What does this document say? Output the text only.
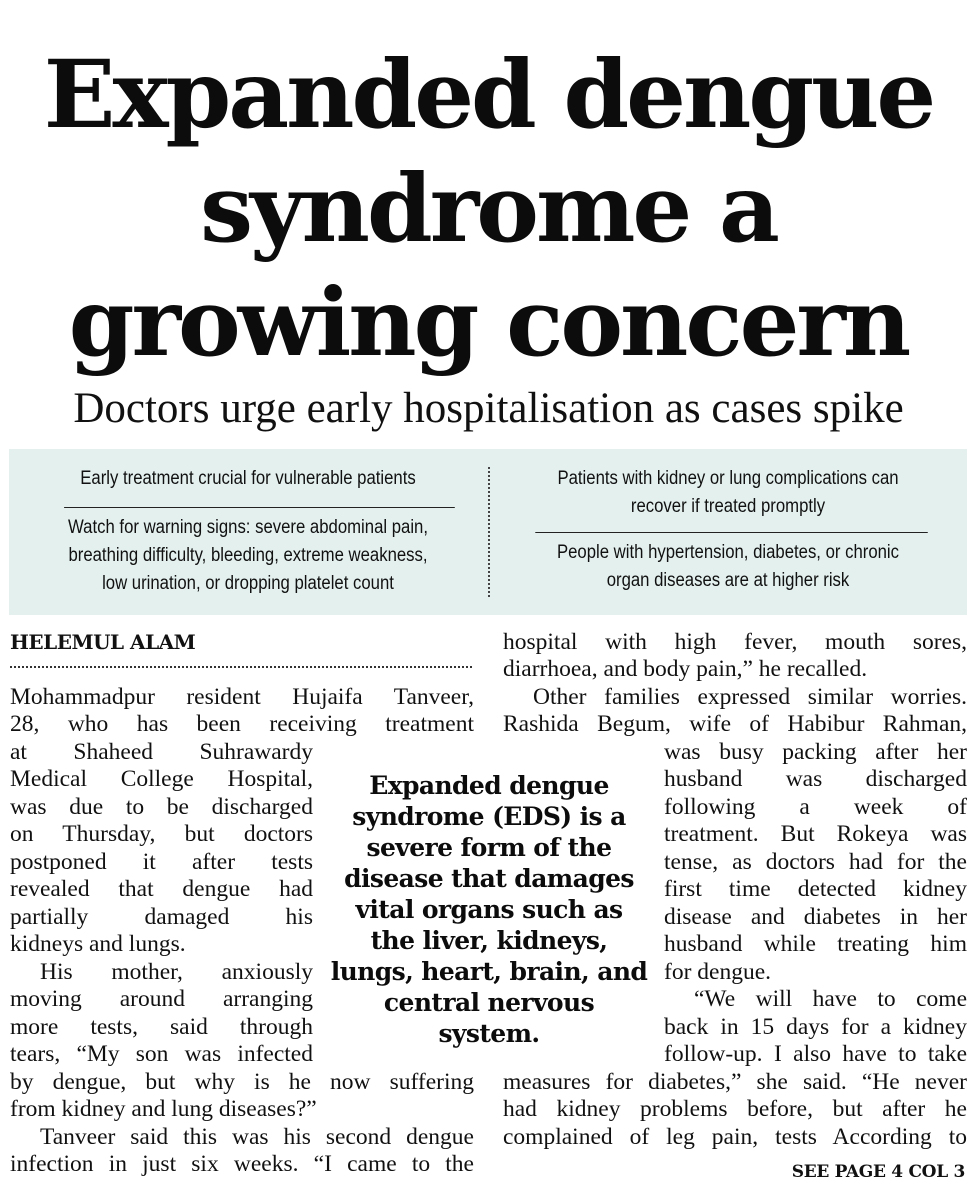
Expanded dengue
syndrome a
growing concern
Doctors urge early hospitalisation as cases spike
Early treatment crucial for vulnerable patients
Watch for warning signs: severe abdominal pain,
breathing difficulty, bleeding, extreme weakness,
low urination, or dropping platelet count
Patients with kidney or lung complications can
recover if treated promptly
People with hypertension, diabetes, or chronic
organ diseases are at higher risk
HELEMUL ALAM
Mohammadpur resident Hujaifa Tanveer,
28, who has been receiving treatment
at Shaheed Suhrawardy
Medical College Hospital,
was due to be discharged
on Thursday, but doctors
postponed it after tests
revealed that dengue had
partially damaged his
kidneys and lungs.
His mother, anxiously
moving around arranging
more tests, said through
tears, “My son was infected
by dengue, but why is he now suffering
from kidney and lung diseases?”
Tanveer said this was his second dengue
infection in just six weeks. “I came to the
hospital with high fever, mouth sores,
diarrhoea, and body pain,” he recalled.
Other families expressed similar worries.
Rashida Begum, wife of Habibur Rahman,
was busy packing after her
husband was discharged
following a week of
treatment. But Rokeya was
tense, as doctors had for the
first time detected kidney
disease and diabetes in her
husband while treating him
for dengue.
“We will have to come
back in 15 days for a kidney
follow-up. I also have to take
measures for diabetes,” she said. “He never
had kidney problems before, but after he
complained of leg pain, tests According to
Expanded dengue syndrome (EDS) is a severe form of the disease that damages vital organs such as the liver, kidneys, lungs, heart, brain, and central nervous system.
SEE PAGE 4 COL 3
